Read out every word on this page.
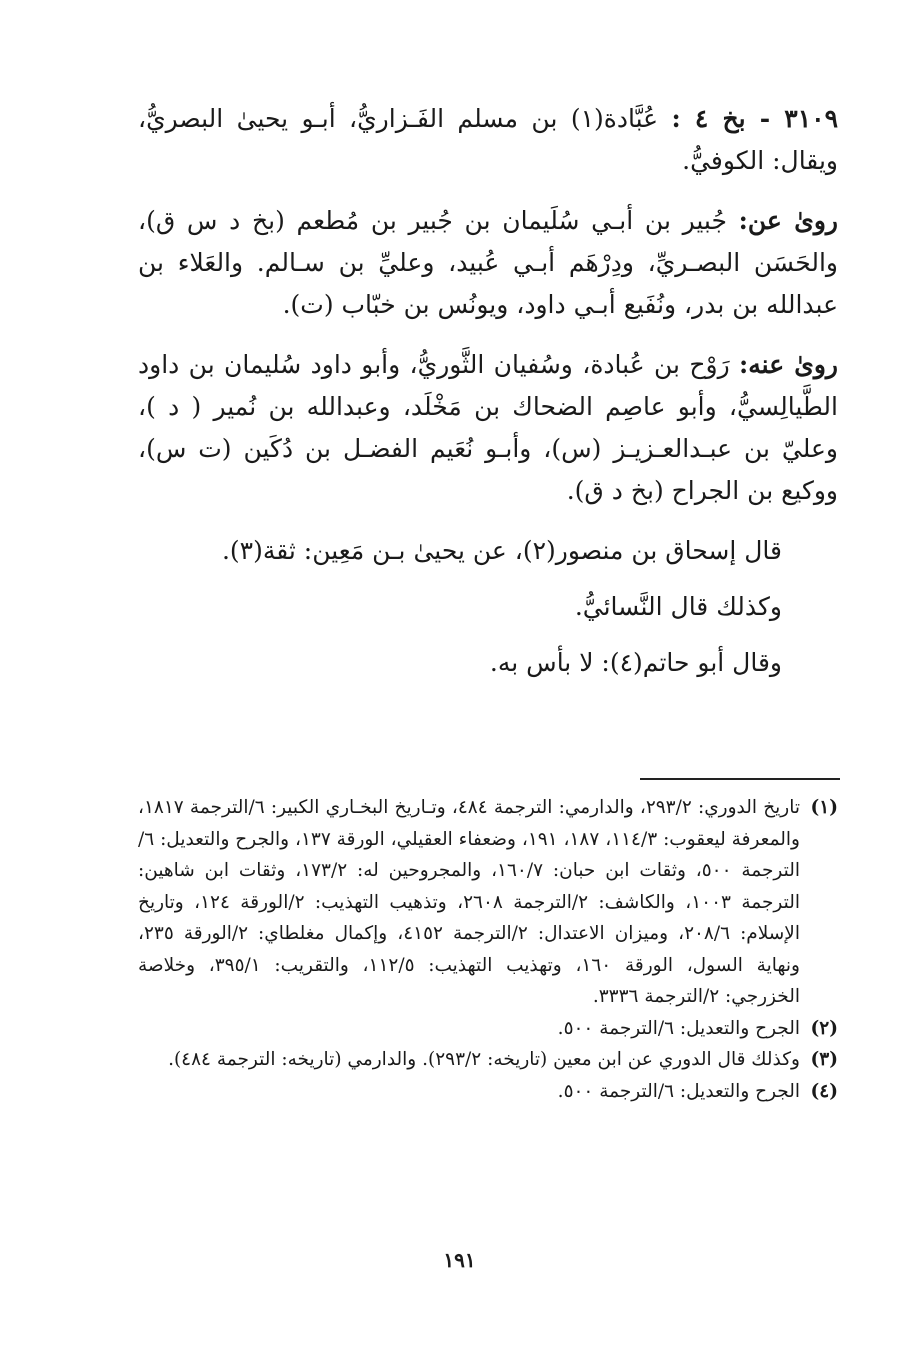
٣١٠٩ - بخ ٤ : عُبَّادة(١) بن مسلم الفَـزاريُّ، أبـو يحيىٰ البصريُّ، ويقال: الكوفيُّ.

روىٰ عن: جُبير بن أبـي سُلَيمان بن جُبير بن مُطعم (بخ د س ق)، والحَسَن البصـريِّ، ودِرْهَم أبـي عُبيد، وعليِّ بن سـالم. والعَلاء بن عبدالله بن بدر، ونُفَيع أبـي داود، ويونُس بن خبّاب (ت).

روىٰ عنه: رَوْح بن عُبادة، وسُفيان الثَّوريُّ، وأبو داود سُليمان بن داود الطَّيالِسيُّ، وأبو عاصِم الضحاك بن مَخْلَد، وعبدالله بن نُمير ( د )، وعليّ بن عبـدالعـزيـز (س)، وأبـو نُعَيم الفضـل بن دُكَين (ت س)، ووكيع بن الجراح (بخ د ق).

قال إسحاق بن منصور(٢)، عن يحيىٰ بـن مَعِين: ثقة(٣).

وكذلك قال النَّسائيُّ.

وقال أبو حاتم(٤): لا بأس به.

(١)
تاريخ الدوري: ٢٩٣/٢، والدارمي: الترجمة ٤٨٤، وتـاريخ البخـاري الكبير: ٦/الترجمة ١٨١٧، والمعرفة ليعقوب: ١١٤/٣، ١٨٧، ١٩١، وضعفاء العقيلي، الورقة ١٣٧، والجرح والتعديل: ٦/الترجمة ٥٠٠، وثقات ابن حبان: ١٦٠/٧، والمجروحين له: ١٧٣/٢، وثقات ابن شاهين: الترجمة ١٠٠٣، والكاشف: ٢/الترجمة ٢٦٠٨، وتذهيب التهذيب: ٢/الورقة ١٢٤، وتاريخ الإسلام: ٢٠٨/٦، وميزان الاعتدال: ٢/الترجمة ٤١٥٢، وإكمال مغلطاي: ٢/الورقة ٢٣٥، ونهاية السول، الورقة ١٦٠، وتهذيب التهذيب: ١١٢/٥، والتقريب: ٣٩٥/١، وخلاصة الخزرجي: ٢/الترجمة ٣٣٣٦.
(٢)
الجرح والتعديل: ٦/الترجمة ٥٠٠.
(٣)
وكذلك قال الدوري عن ابن معين (تاريخه: ٢٩٣/٢). والدارمي (تاريخه: الترجمة ٤٨٤).
(٤)
الجرح والتعديل: ٦/الترجمة ٥٠٠.
١٩١
